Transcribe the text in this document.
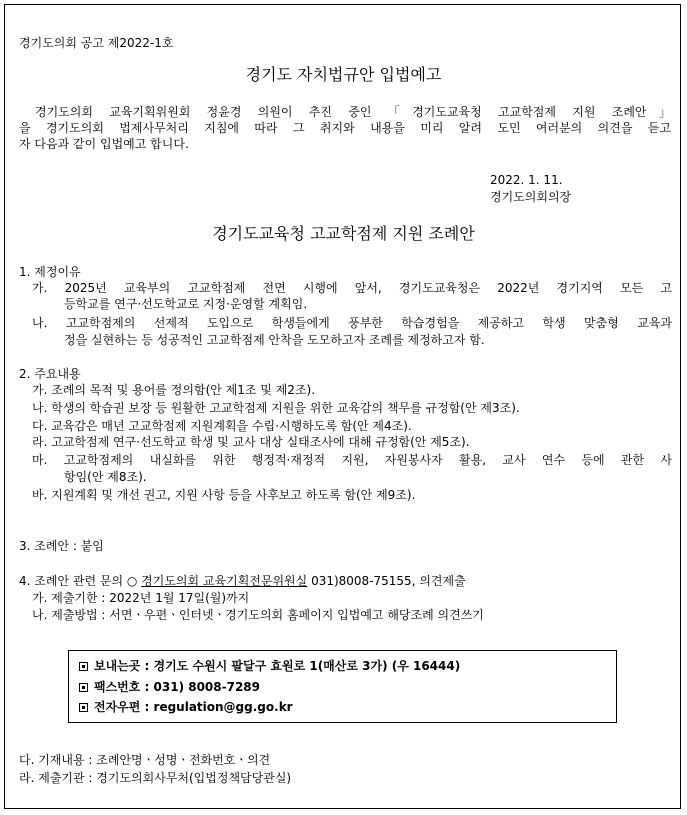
경기도의회 공고 제2022-1호
경기도 자치법규안 입법예고
경기도의회 교육기획위원회 정윤경 의원이 추진 중인 「경기도교육청 고교학점제 지원 조례안」
을 경기도의회 법제사무처리 지침에 따라 그 취지와 내용을 미리 알려 도민 여러분의 의견을 듣고
자 다음과 같이 입법예고 합니다.
2022. 1. 11.
경기도의회의장
경기도교육청 고교학점제 지원 조례안
1. 제정이유
가. 2025년 교육부의 고교학점제 전면 시행에 앞서, 경기도교육청은 2022년 경기지역 모든 고
등학교를 연구·선도학교로 지정·운영할 계획임.
나. 고교학점제의 선제적 도입으로 학생들에게 풍부한 학습경험을 제공하고 학생 맞춤형 교육과
정을 실현하는 등 성공적인 고교학점제 안착을 도모하고자 조례를 제정하고자 함.
2. 주요내용
가. 조례의 목적 및 용어를 정의함(안 제1조 및 제2조).
나. 학생의 학습권 보장 등 원활한 고교학점제 지원을 위한 교육감의 책무를 규정함(안 제3조).
다. 교육감은 매년 고교학점제 지원계획을 수립·시행하도록 함(안 제4조).
라. 고교학점제 연구·선도학교 학생 및 교사 대상 실태조사에 대해 규정함(안 제5조).
마. 고교학점제의 내실화를 위한 행정적·재정적 지원, 자원봉사자 활용, 교사 연수 등에 관한 사
항임(안 제8조).
바. 지원계획 및 개선 권고, 지원 사항 등을 사후보고 하도록 함(안 제9조).
3. 조례안 : 붙임
4. 조례안 관련 문의 ○ 경기도의회 교육기획전문위원실 031)8008-75155, 의견제출
가. 제출기한 : 2022년 1월 17일(월)까지
나. 제출방법 : 서면ㆍ우편ㆍ인터넷ㆍ경기도의회 홈페이지 입법예고 해당조례 의견쓰기
보내는곳 : 경기도 수원시 팔달구 효원로 1(매산로 3가) (우 16444)
팩스번호 : 031) 8008-7289
전자우편 : regulation@gg.go.kr
다. 기재내용 : 조례안명ㆍ성명ㆍ전화번호ㆍ의견
라. 제출기관 : 경기도의회사무처(입법정책담당관실)
